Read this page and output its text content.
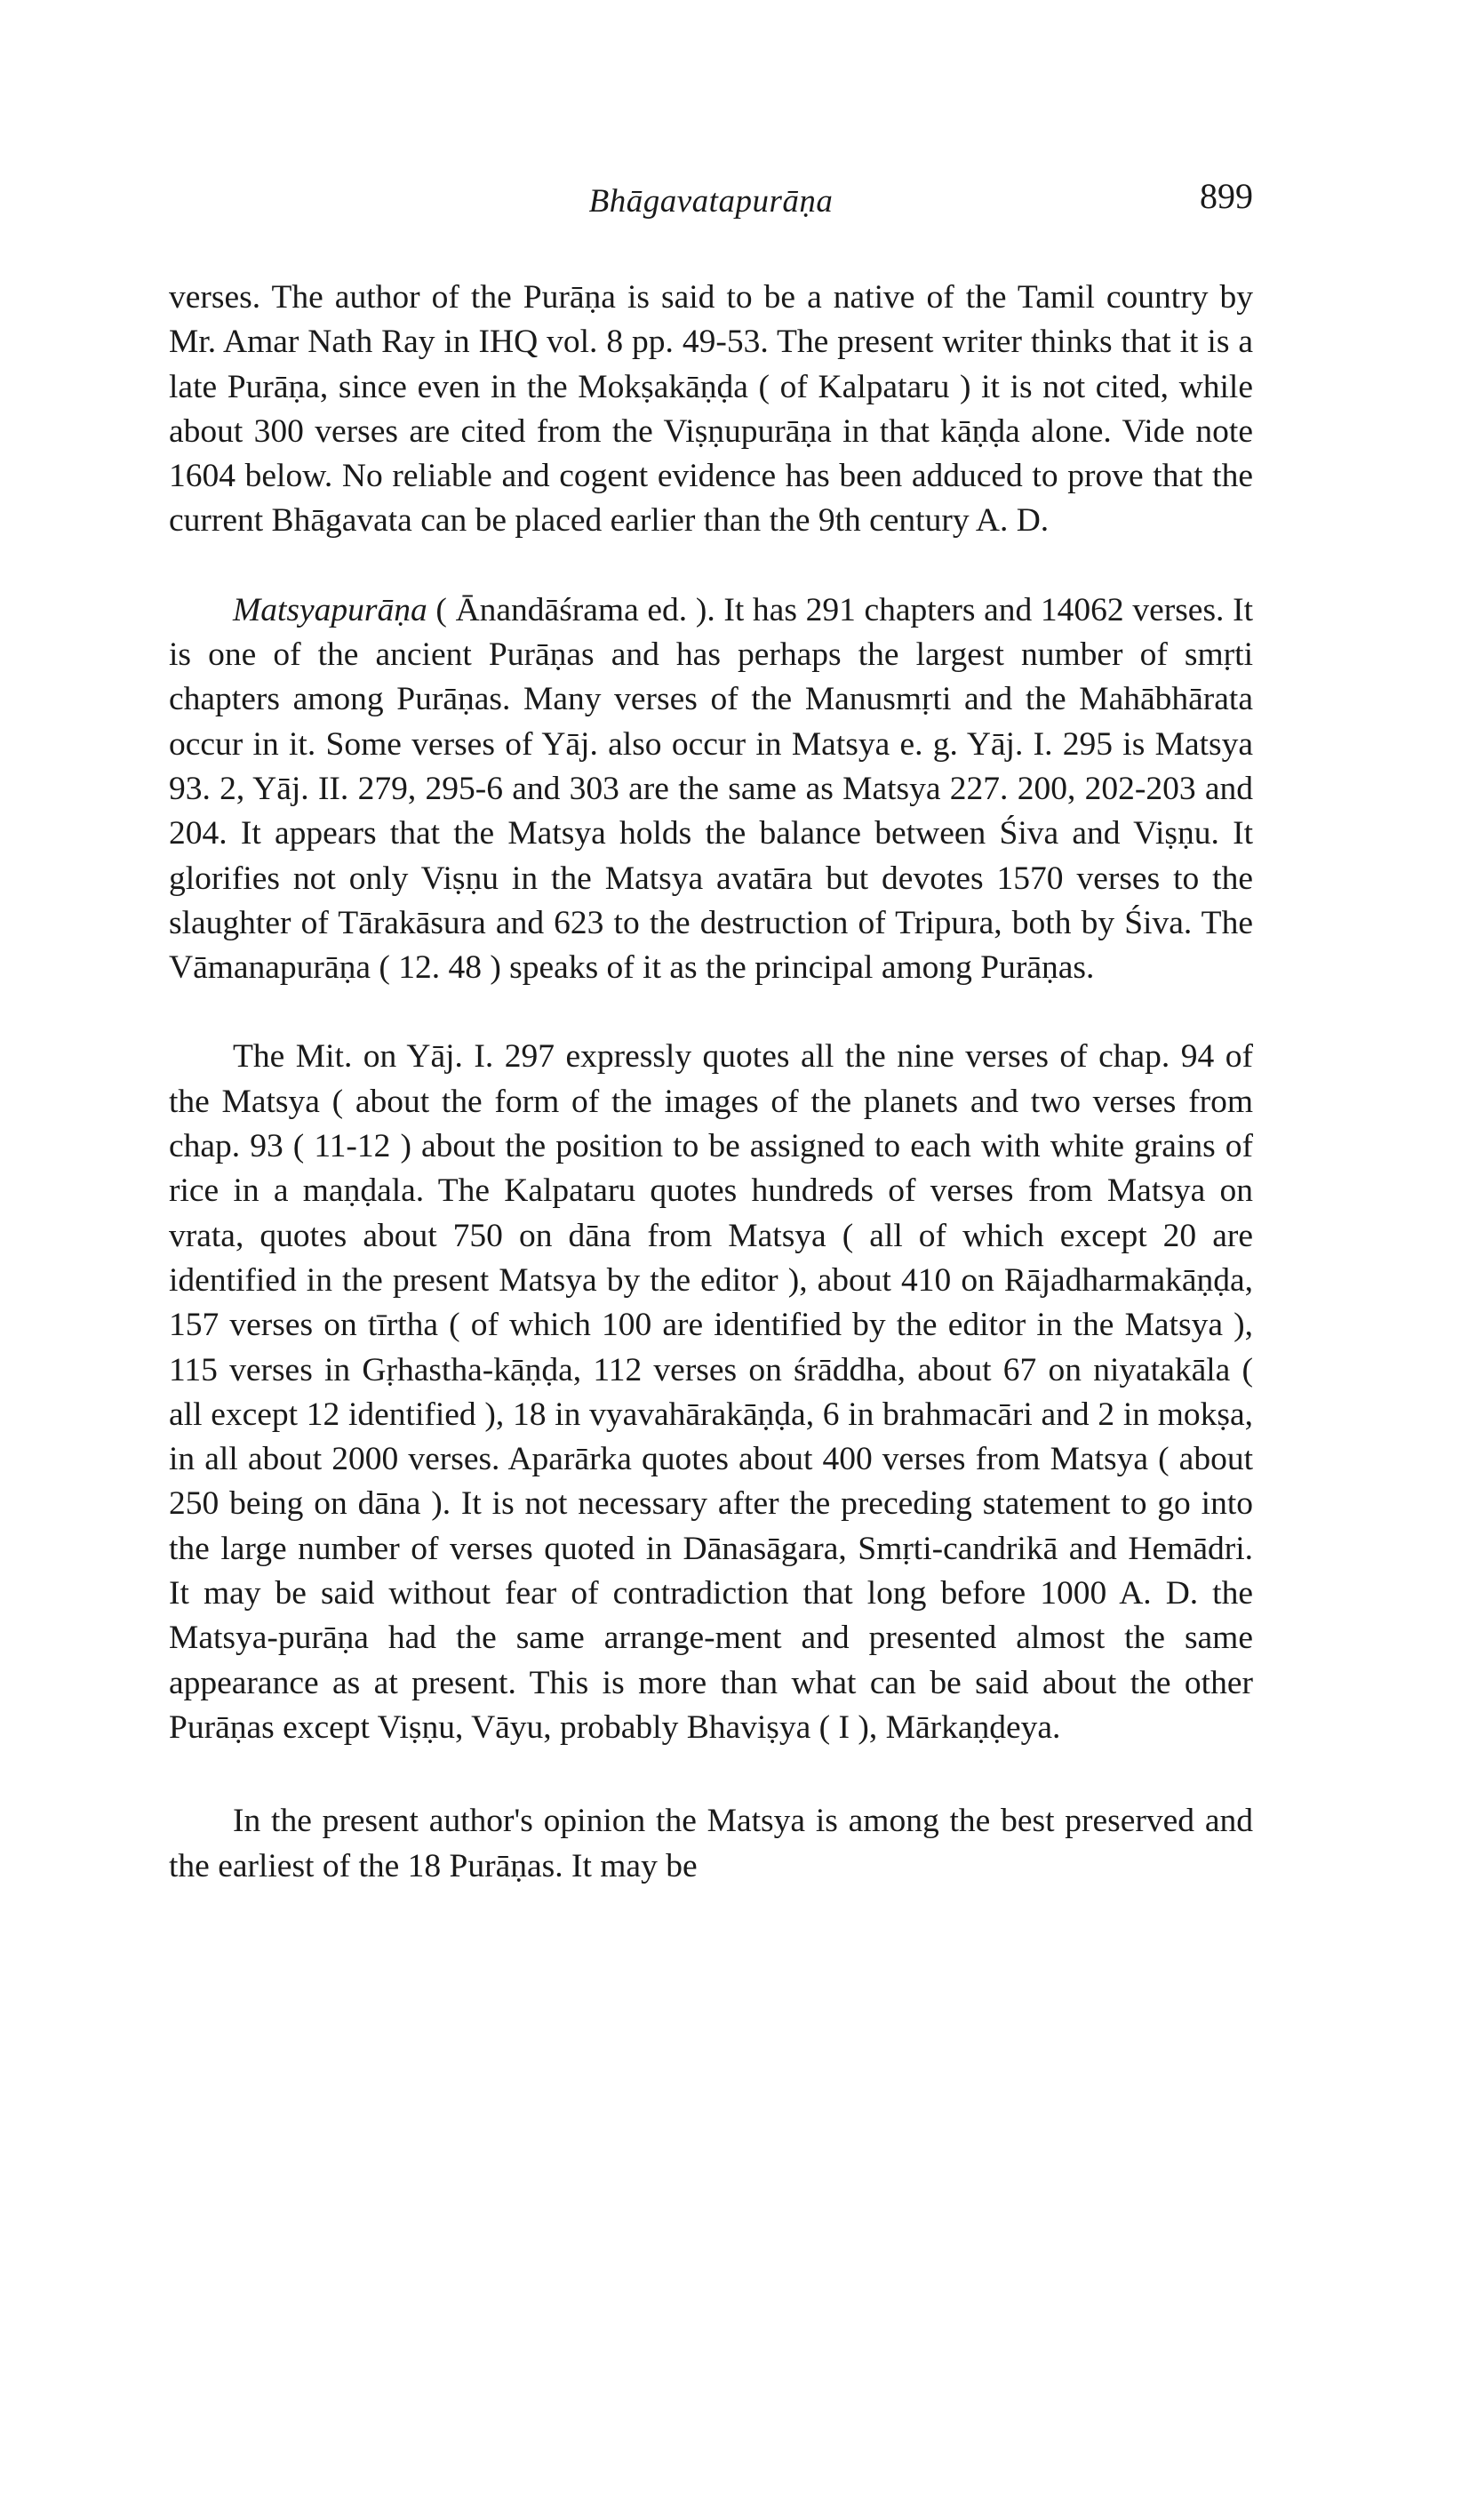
Bhāgavatapurāṇa	899

verses. The author of the Purāṇa is said to be a native of the Tamil country by Mr. Amar Nath Ray in IHQ vol. 8 pp. 49-53. The present writer thinks that it is a late Purāṇa, since even in the Mokṣakāṇḍa ( of Kalpataru ) it is not cited, while about 300 verses are cited from the Viṣṇupurāṇa in that kāṇḍa alone. Vide note 1604 below. No reliable and cogent evidence has been adduced to prove that the current Bhāgavata can be placed earlier than the 9th century A. D.

Matsyapurāṇa ( Ānandāśrama ed. ). It has 291 chapters and 14062 verses. It is one of the ancient Purāṇas and has perhaps the largest number of smṛti chapters among Purāṇas. Many verses of the Manusmṛti and the Mahābhārata occur in it. Some verses of Yāj. also occur in Matsya e. g. Yāj. I. 295 is Matsya 93. 2, Yāj. II. 279, 295-6 and 303 are the same as Matsya 227. 200, 202-203 and 204. It appears that the Matsya holds the balance between Śiva and Viṣṇu. It glorifies not only Viṣṇu in the Matsya avatāra but devotes 1570 verses to the slaughter of Tārakāsura and 623 to the destruction of Tripura, both by Śiva. The Vāmanapurāṇa ( 12. 48 ) speaks of it as the principal among Purāṇas.

The Mit. on Yāj. I. 297 expressly quotes all the nine verses of chap. 94 of the Matsya ( about the form of the images of the planets and two verses from chap. 93 ( 11-12 ) about the position to be assigned to each with white grains of rice in a maṇḍala. The Kalpataru quotes hundreds of verses from Matsya on vrata, quotes about 750 on dāna from Matsya ( all of which except 20 are identified in the present Matsya by the editor ), about 410 on Rājadharmakāṇḍa, 157 verses on tīrtha ( of which 100 are identified by the editor in the Matsya ), 115 verses in Gṛhastha-kāṇḍa, 112 verses on śrāddha, about 67 on niyatakāla ( all except 12 identified ), 18 in vyavahārakāṇḍa, 6 in brahmacāri and 2 in mokṣa, in all about 2000 verses. Aparārka quotes about 400 verses from Matsya ( about 250 being on dāna ). It is not necessary after the preceding statement to go into the large number of verses quoted in Dānasāgara, Smṛti-candrikā and Hemādri. It may be said without fear of contradiction that long before 1000 A. D. the Matsya-purāṇa had the same arrange-ment and presented almost the same appearance as at present. This is more than what can be said about the other Purāṇas except Viṣṇu, Vāyu, probably Bhaviṣya ( I ), Mārkaṇḍeya.

In the present author's opinion the Matsya is among the best preserved and the earliest of the 18 Purāṇas. It may be
